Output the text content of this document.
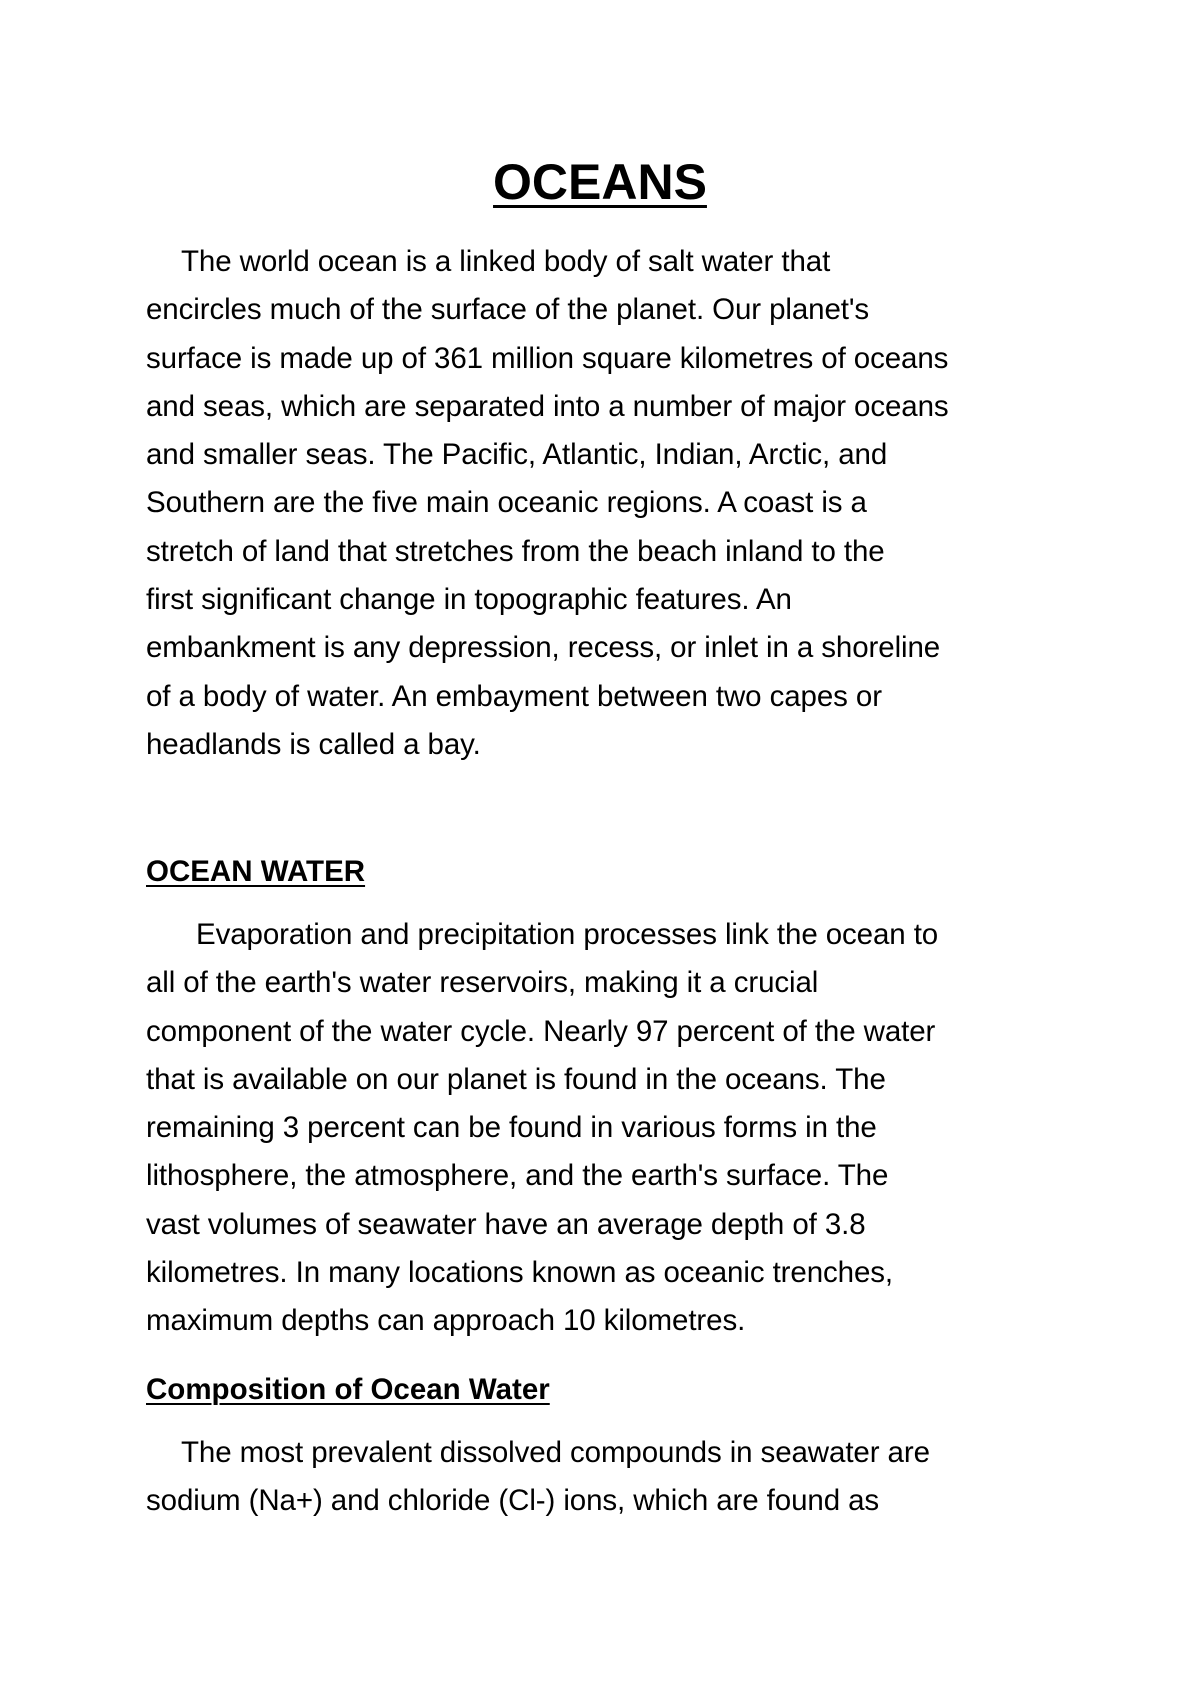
OCEANS
The world ocean is a linked body of salt water that
encircles much of the surface of the planet. Our planet's
surface is made up of 361 million square kilometres of oceans
and seas, which are separated into a number of major oceans
and smaller seas. The Pacific, Atlantic, Indian, Arctic, and
Southern are the five main oceanic regions. A coast is a
stretch of land that stretches from the beach inland to the
first significant change in topographic features. An
embankment is any depression, recess, or inlet in a shoreline
of a body of water. An embayment between two capes or
headlands is called a bay.
OCEAN WATER
Evaporation and precipitation processes link the ocean to
all of the earth's water reservoirs, making it a crucial
component of the water cycle. Nearly 97 percent of the water
that is available on our planet is found in the oceans. The
remaining 3 percent can be found in various forms in the
lithosphere, the atmosphere, and the earth's surface. The
vast volumes of seawater have an average depth of 3.8
kilometres. In many locations known as oceanic trenches,
maximum depths can approach 10 kilometres.
Composition of Ocean Water
The most prevalent dissolved compounds in seawater are
sodium (Na+) and chloride (Cl-) ions, which are found as
